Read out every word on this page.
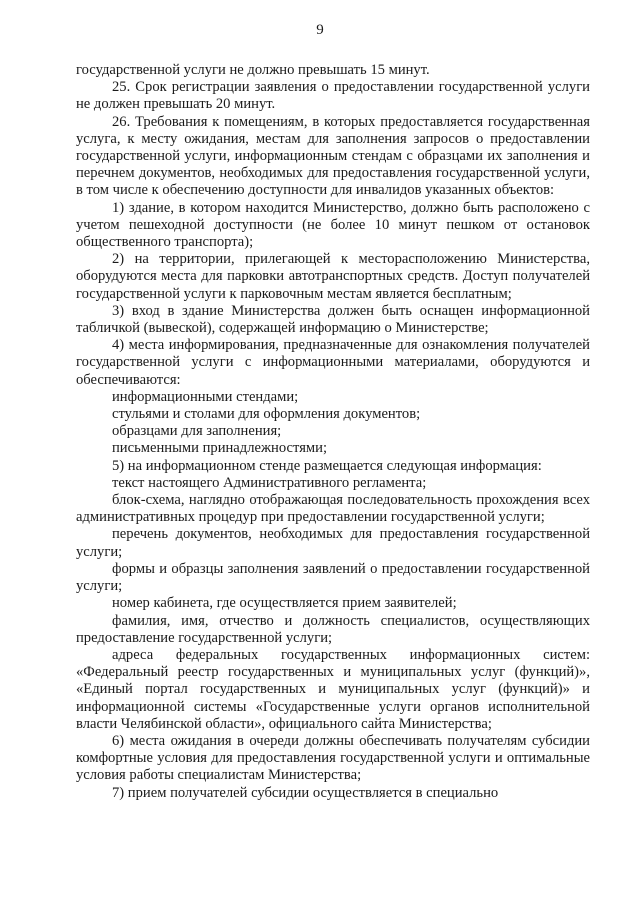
9

государственной услуги не должно превышать 15 минут.

25. Срок регистрации заявления о предоставлении государственной услуги не должен превышать 20 минут.

26. Требования к помещениям, в которых предоставляется государственная услуга, к месту ожидания, местам для заполнения запросов о предоставлении государственной услуги, информационным стендам с образцами их заполнения и перечнем документов, необходимых для предоставления государственной услуги, в том числе к обеспечению доступности для инвалидов указанных объектов:

1) здание, в котором находится Министерство, должно быть расположено с учетом пешеходной доступности (не более 10 минут пешком от остановок общественного транспорта);

2) на территории, прилегающей к месторасположению Министерства, оборудуются места для парковки автотранспортных средств. Доступ получателей государственной услуги к парковочным местам является бесплатным;

3) вход в здание Министерства должен быть оснащен информационной табличкой (вывеской), содержащей информацию о Министерстве;

4) места информирования, предназначенные для ознакомления получателей государственной услуги с информационными материалами, оборудуются и обеспечиваются:

информационными стендами;

стульями и столами для оформления документов;

образцами для заполнения;

письменными принадлежностями;

5) на информационном стенде размещается следующая информация:

текст настоящего Административного регламента;

блок-схема, наглядно отображающая последовательность прохождения всех административных процедур при предоставлении государственной услуги;

перечень документов, необходимых для предоставления государственной услуги;

формы и образцы заполнения заявлений о предоставлении государственной услуги;

номер кабинета, где осуществляется прием заявителей;

фамилия, имя, отчество и должность специалистов, осуществляющих предоставление государственной услуги;

адреса федеральных государственных информационных систем: «Федеральный реестр государственных и муниципальных услуг (функций)», «Единый портал государственных и муниципальных услуг (функций)» и информационной системы «Государственные услуги органов исполнительной власти Челябинской области», официального сайта Министерства;

6) места ожидания в очереди должны обеспечивать получателям субсидии комфортные условия для предоставления государственной услуги и оптимальные условия работы специалистам Министерства;

7) прием получателей субсидии осуществляется в специально
